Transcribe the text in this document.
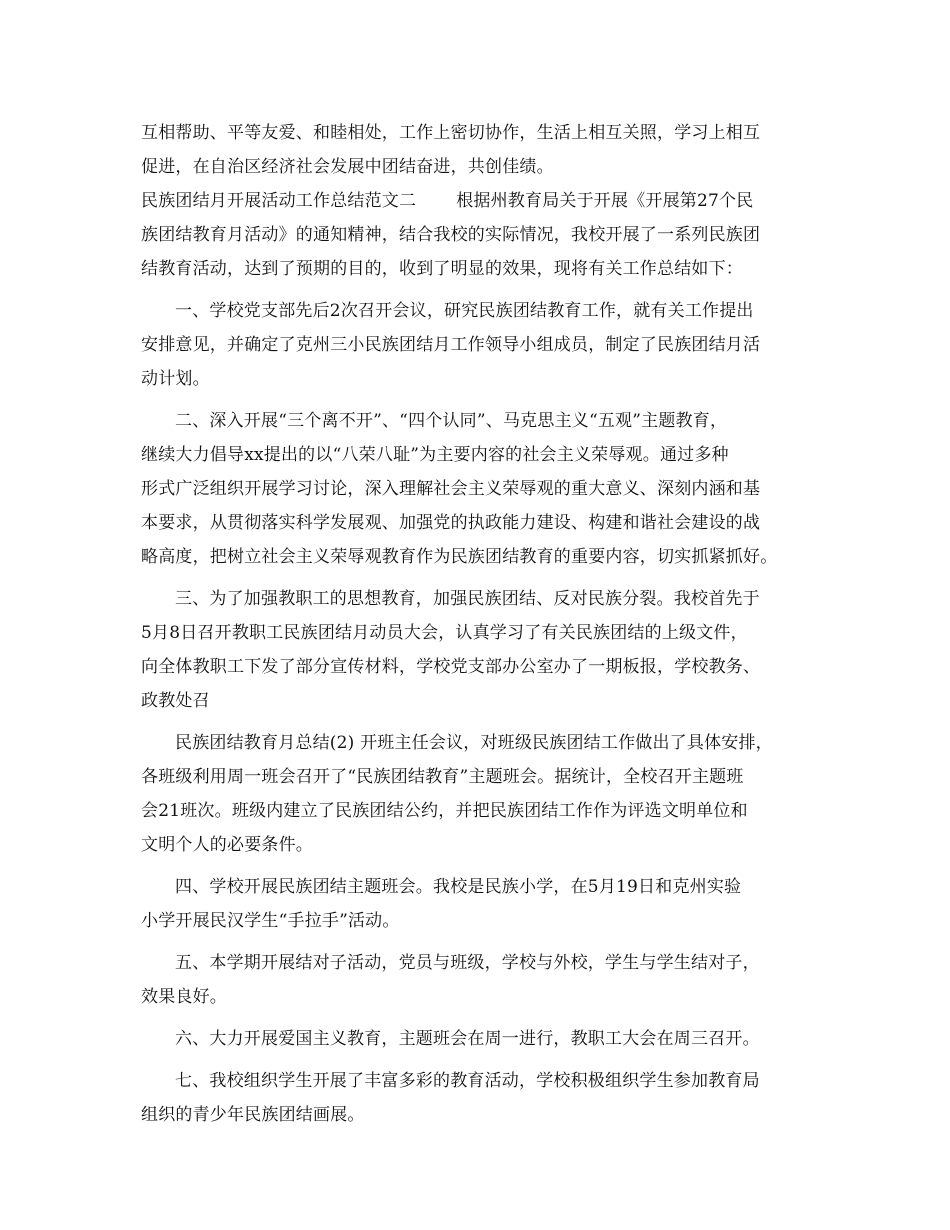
互相帮助、平等友爱、和睦相处，工作上密切协作，生活上相互关照，学习上相互
促进，在自治区经济社会发展中团结奋进，共创佳绩。
民族团结月开展活动工作总结范文二 根据州教育局关于开展《开展第27个民
族团结教育月活动》的通知精神，结合我校的实际情况，我校开展了一系列民族团
结教育活动，达到了预期的目的，收到了明显的效果，现将有关工作总结如下：
一、学校党支部先后2次召开会议，研究民族团结教育工作，就有关工作提出
安排意见，并确定了克州三小民族团结月工作领导小组成员，制定了民族团结月活
动计划。
二、深入开展“三个离不开”、“四个认同”、马克思主义“五观”主题教育，
继续大力倡导xx提出的以“八荣八耻”为主要内容的社会主义荣辱观。通过多种
形式广泛组织开展学习讨论，深入理解社会主义荣辱观的重大意义、深刻内涵和基
本要求，从贯彻落实科学发展观、加强党的执政能力建设、构建和谐社会建设的战
略高度，把树立社会主义荣辱观教育作为民族团结教育的重要内容，切实抓紧抓好。
三、为了加强教职工的思想教育，加强民族团结、反对民族分裂。我校首先于
5月8日召开教职工民族团结月动员大会，认真学习了有关民族团结的上级文件，
向全体教职工下发了部分宣传材料，学校党支部办公室办了一期板报，学校教务、
政教处召
民族团结教育月总结(2) 开班主任会议，对班级民族团结工作做出了具体安排，
各班级利用周一班会召开了“民族团结教育”主题班会。据统计，全校召开主题班
会21班次。班级内建立了民族团结公约，并把民族团结工作作为评选文明单位和
文明个人的必要条件。
四、学校开展民族团结主题班会。我校是民族小学，在5月19日和克州实验
小学开展民汉学生“手拉手”活动。
五、本学期开展结对子活动，党员与班级，学校与外校，学生与学生结对子，
效果良好。
六、大力开展爱国主义教育，主题班会在周一进行，教职工大会在周三召开。
七、我校组织学生开展了丰富多彩的教育活动，学校积极组织学生参加教育局
组织的青少年民族团结画展。
